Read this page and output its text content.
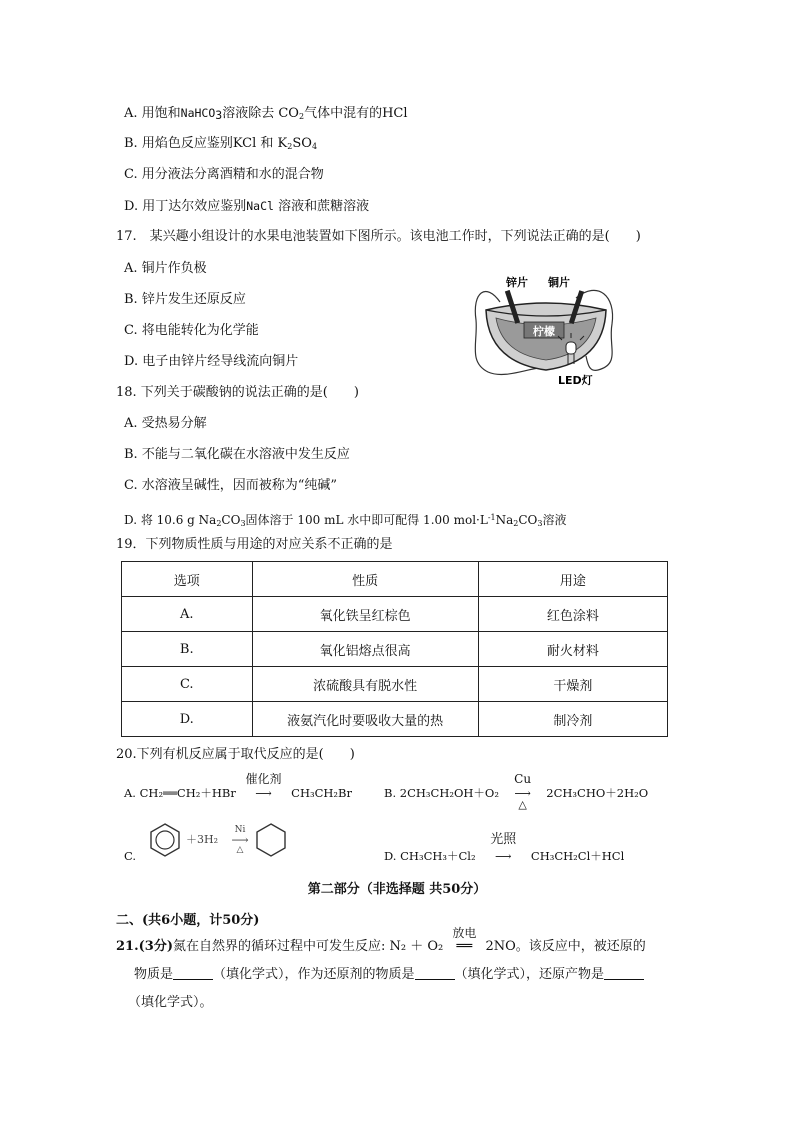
A. 用饱和NaHCO$_3$溶液除去 $CO_2$气体中混有的HCl
B. 用焰色反应鉴别KCl 和 $K_2SO_4$
C. 用分液法分离酒精和水的混合物
D. 用丁达尔效应鉴别NaCl 溶液和蔗糖溶液
17.　某兴趣小组设计的水果电池装置如下图所示。该电池工作时，下列说法正确的是(　　)
A. 铜片作负极
B. 锌片发生还原反应
C. 将电能转化为化学能
D. 电子由锌片经导线流向铜片
柠檬
锌片 铜片
LED灯
18. 下列关于碳酸钠的说法正确的是(　　)
A. 受热易分解
B. 不能与二氧化碳在水溶液中发生反应
C. 水溶液呈碱性，因而被称为“纯碱”
D. 将 10.6 g $Na_2CO_3$固体溶于 100 mL 水中即可配得 1.00 $mol\cdot L^{-1}Na_2CO_3$溶液
19．下列物质性质与用途的对应关系不正确的是
选项	性质	用途
A.	氧化铁呈红棕色	红色涂料
B.	氧化铝熔点很高	耐火材料
C.	浓硫酸具有脱水性	干燥剂
D.	液氨汽化时要吸收大量的热	制冷剂
20.下列有机反应属于取代反应的是(　　)
A. CH₂══CH₂＋HBr
催化剂
⟶ CH₃CH₂Br	B. 2CH₃CH₂OH＋O₂
Cu
⟶
△
2CH₃CHO＋2H₂O
C.
＋3H₂
Ni
⟶
△	D. CH₃CH₃＋Cl₂
光照
⟶ CH₃CH₂Cl＋HCl
第二部分（非选择题 共50分）
二、(共6小题，计50分)
21.(3分)氮在自然界的循环过程中可发生反应: N₂ ＋ O₂
放电
══ 2NO。该反应中，被还原的
物质是	（填化学式），作为还原剂的物质是	（填化学式），还原产物是
（填化学式）。
